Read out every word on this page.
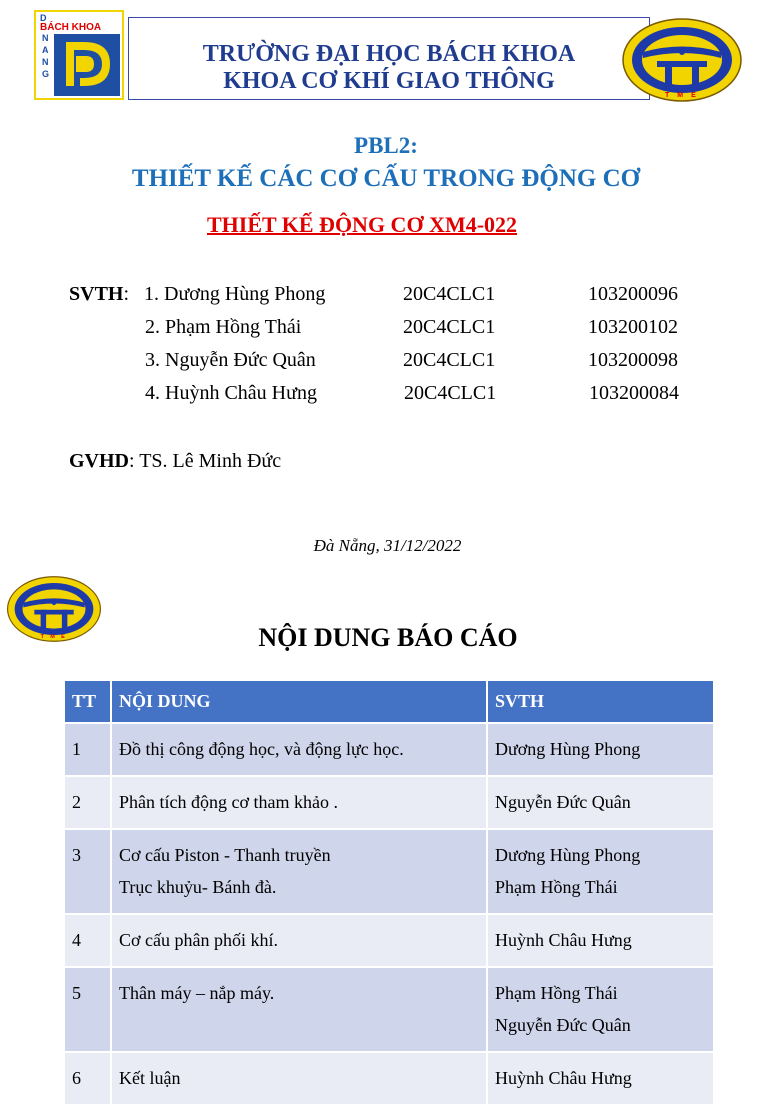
D
BÁCH KHOA
N
A
N
G
TRƯỜNG ĐẠI HỌC BÁCH KHOA
KHOA CƠ KHÍ GIAO THÔNG
TME
PBL2:
THIẾT KẾ CÁC CƠ CẤU TRONG ĐỘNG CƠ
THIẾT KẾ ĐỘNG CƠ XM4-022
SVTH: 1. Dương Hùng Phong	20C4CLC1	103200096
2. Phạm Hồng Thái	20C4CLC1	103200102
3. Nguyễn Đức Quân	20C4CLC1	103200098
4. Huỳnh Châu Hưng	20C4CLC1	103200084
GVHD: TS. Lê Minh Đức
Đà Nẵng, 31/12/2022
TME	NỘI DUNG BÁO CÁO
TT	NỘI DUNG	SVTH
1	Đồ thị công động học, và động lực học.	Dương Hùng Phong

2	Phân tích động cơ tham khảo .	Nguyễn Đức Quân

3	Cơ cấu Piston - Thanh truyền
Trục khuỷu- Bánh đà.	Dương Hùng Phong
Phạm Hồng Thái

4	Cơ cấu phân phối khí.	Huỳnh Châu Hưng

5	Thân máy – nắp máy.	Phạm Hồng Thái
Nguyễn Đức Quân

6	Kết luận	Huỳnh Châu Hưng
